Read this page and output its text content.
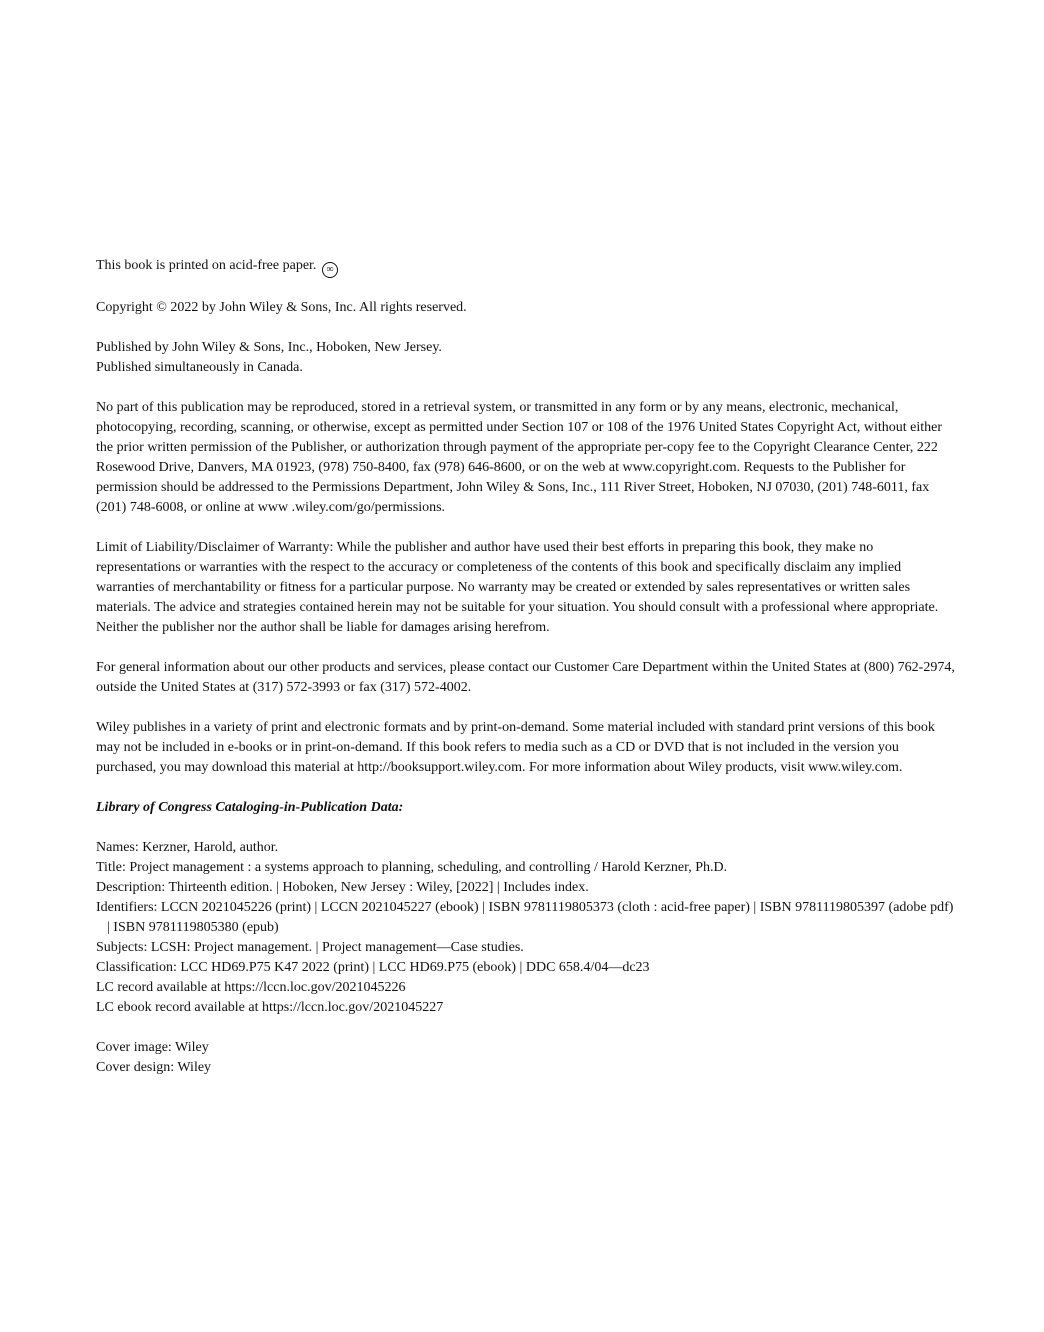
This book is printed on acid-free paper. ∞
Copyright © 2022 by John Wiley & Sons, Inc. All rights reserved.

Published by John Wiley & Sons, Inc., Hoboken, New Jersey.

Published simultaneously in Canada.

No part of this publication may be reproduced, stored in a retrieval system, or transmitted in any form or by any means, electronic, mechanical, photocopying, recording, scanning, or otherwise, except as permitted under Section 107 or 108 of the 1976 United States Copyright Act, without either the prior written permission of the Publisher, or authorization through payment of the appropriate per-copy fee to the Copyright Clearance Center, 222 Rosewood Drive, Danvers, MA 01923, (978) 750-8400, fax (978) 646-8600, or on the web at www.copyright.com. Requests to the Publisher for permission should be addressed to the Permissions Department, John Wiley & Sons, Inc., 111 River Street, Hoboken, NJ 07030, (201) 748-6011, fax (201) 748-6008, or online at www .wiley.com/go/permissions.
Limit of Liability/Disclaimer of Warranty: While the publisher and author have used their best efforts in preparing this book, they make no representations or warranties with the respect to the accuracy or completeness of the contents of this book and specifically disclaim any implied warranties of merchantability or fitness for a particular purpose. No warranty may be created or extended by sales representatives or written sales materials. The advice and strategies contained herein may not be suitable for your situation. You should consult with a professional where appropriate. Neither the publisher nor the author shall be liable for damages arising herefrom.
For general information about our other products and services, please contact our Customer Care Department within the United States at (800) 762-2974, outside the United States at (317) 572-3993 or fax (317) 572-4002.
Wiley publishes in a variety of print and electronic formats and by print-on-demand. Some material included with standard print versions of this book may not be included in e-books or in print-on-demand. If this book refers to media such as a CD or DVD that is not included in the version you purchased, you may download this material at http://booksupport.wiley.com. For more information about Wiley products, visit www.wiley.com.
Library of Congress Cataloging-in-Publication Data:

Names: Kerzner, Harold, author.

Title: Project management : a systems approach to planning, scheduling, and controlling / Harold Kerzner, Ph.D.

Description: Thirteenth edition. | Hoboken, New Jersey : Wiley, [2022] | Includes index.

Identifiers: LCCN 2021045226 (print) | LCCN 2021045227 (ebook) | ISBN 9781119805373 (cloth : acid-free paper) | ISBN 9781119805397 (adobe pdf) | ISBN 9781119805380 (epub)

Subjects: LCSH: Project management. | Project management—Case studies.

Classification: LCC HD69.P75 K47 2022 (print) | LCC HD69.P75 (ebook) | DDC 658.4/04—dc23

LC record available at https://lccn.loc.gov/2021045226

LC ebook record available at https://lccn.loc.gov/2021045227

Cover image: Wiley

Cover design: Wiley
